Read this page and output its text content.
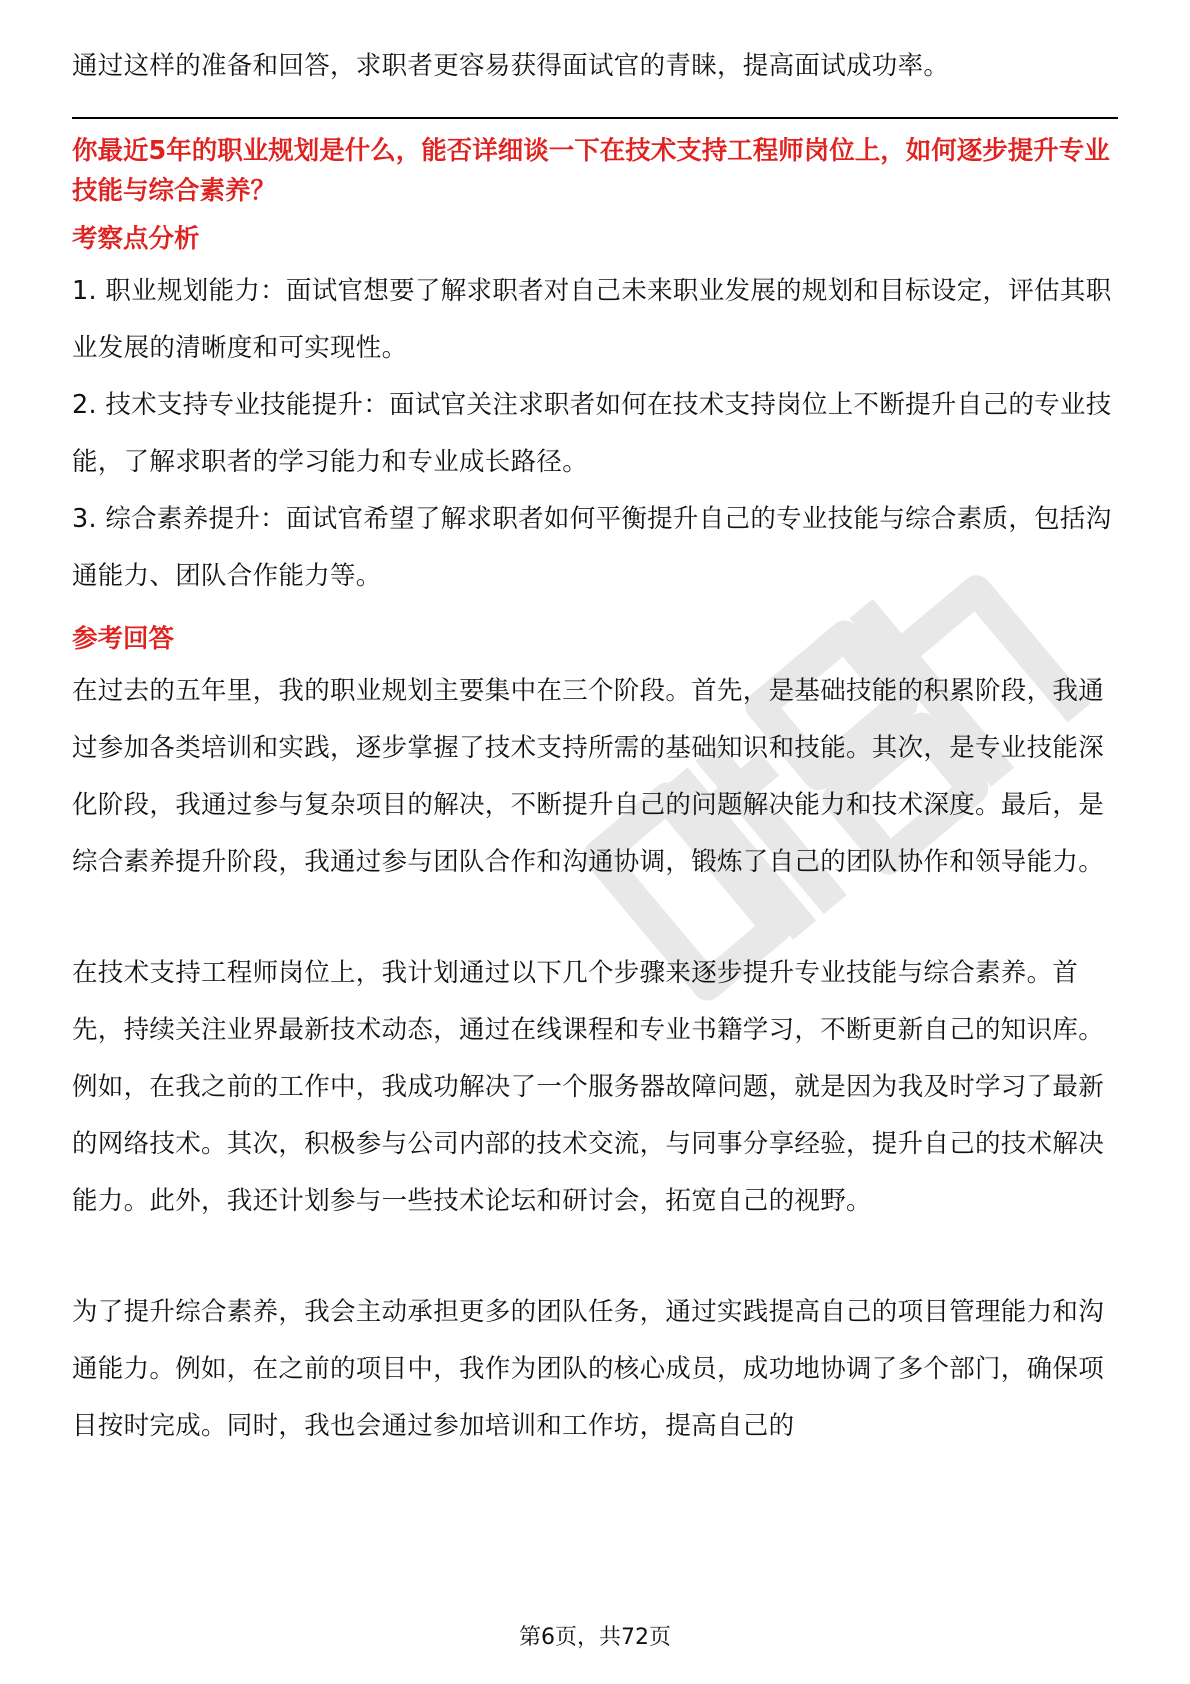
通过这样的准备和回答，求职者更容易获得面试官的青睐，提高面试成功率。

你最近5年的职业规划是什么，能否详细谈一下在技术支持工程师岗位上，如何逐步提升专业技能与综合素养？

考察点分析

1. 职业规划能力：面试官想要了解求职者对自己未来职业发展的规划和目标设定，评估其职业发展的清晰度和可实现性。

2. 技术支持专业技能提升：面试官关注求职者如何在技术支持岗位上不断提升自己的专业技能，了解求职者的学习能力和专业成长路径。

3. 综合素养提升：面试官希望了解求职者如何平衡提升自己的专业技能与综合素质，包括沟通能力、团队合作能力等。

参考回答

在过去的五年里，我的职业规划主要集中在三个阶段。首先，是基础技能的积累阶段，我通过参加各类培训和实践，逐步掌握了技术支持所需的基础知识和技能。其次，是专业技能深化阶段，我通过参与复杂项目的解决，不断提升自己的问题解决能力和技术深度。最后，是综合素养提升阶段，我通过参与团队合作和沟通协调，锻炼了自己的团队协作和领导能力。

在技术支持工程师岗位上，我计划通过以下几个步骤来逐步提升专业技能与综合素养。首先，持续关注业界最新技术动态，通过在线课程和专业书籍学习，不断更新自己的知识库。例如，在我之前的工作中，我成功解决了一个服务器故障问题，就是因为我及时学习了最新的网络技术。其次，积极参与公司内部的技术交流，与同事分享经验，提升自己的技术解决能力。此外，我还计划参与一些技术论坛和研讨会，拓宽自己的视野。

为了提升综合素养，我会主动承担更多的团队任务，通过实践提高自己的项目管理能力和沟通能力。例如，在之前的项目中，我作为团队的核心成员，成功地协调了多个部门，确保项目按时完成。同时，我也会通过参加培训和工作坊，提高自己的

第6页，共72页
